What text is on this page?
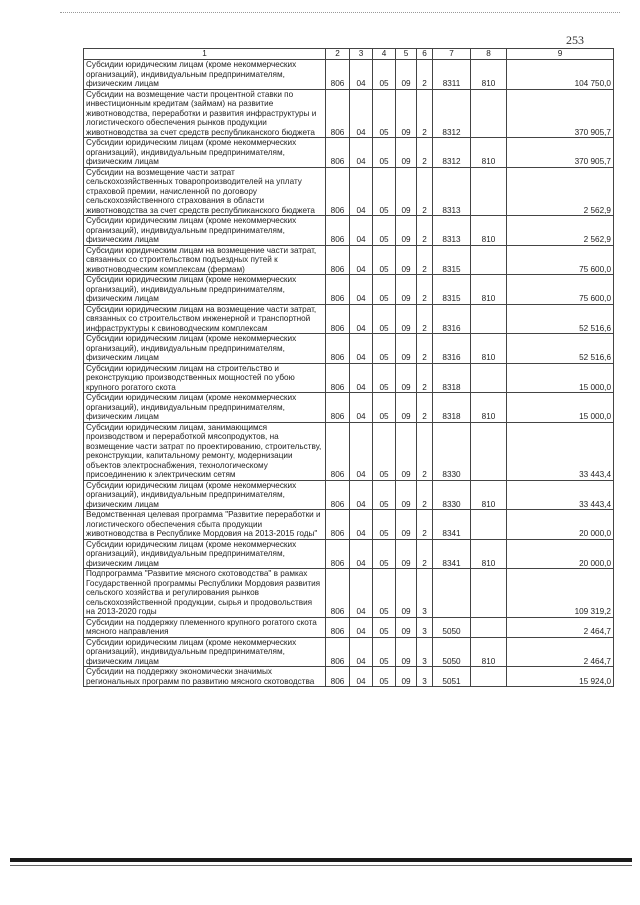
253
1	2	3	4	5	6	7	8	9
Субсидии юридическим лицам (кроме некоммерческих организаций), индивидуальным предпринимателям, физическим лицам	806	04	05	09	2	8311	810	104 750,0
Субсидии на возмещение части процентной ставки по инвестиционным кредитам (займам) на развитие животноводства, переработки и развития инфраструктуры и логистического обеспечения рынков продукции животноводства за счет средств республиканского бюджета	806	04	05	09	2	8312		370 905,7
Субсидии юридическим лицам (кроме некоммерческих организаций), индивидуальным предпринимателям, физическим лицам	806	04	05	09	2	8312	810	370 905,7
Субсидии на возмещение части затрат сельскохозяйственных товаропроизводителей на уплату страховой премии, начисленной по договору сельскохозяйственного страхования в области животноводства за счет средств республиканского бюджета	806	04	05	09	2	8313		2 562,9
Субсидии юридическим лицам (кроме некоммерческих организаций), индивидуальным предпринимателям, физическим лицам	806	04	05	09	2	8313	810	2 562,9
Субсидии юридическим лицам на возмещение части затрат, связанных со строительством подъездных путей к животноводческим комплексам (фермам)	806	04	05	09	2	8315		75 600,0
Субсидии юридическим лицам (кроме некоммерческих организаций), индивидуальным предпринимателям, физическим лицам	806	04	05	09	2	8315	810	75 600,0
Субсидии юридическим лицам на возмещение части затрат, связанных со строительством инженерной и транспортной инфраструктуры к свиноводческим комплексам	806	04	05	09	2	8316		52 516,6
Субсидии юридическим лицам (кроме некоммерческих организаций), индивидуальным предпринимателям, физическим лицам	806	04	05	09	2	8316	810	52 516,6
Субсидии юридическим лицам на строительство и реконструкцию производственных мощностей по убою крупного рогатого скота	806	04	05	09	2	8318		15 000,0
Субсидии юридическим лицам (кроме некоммерческих организаций), индивидуальным предпринимателям, физическим лицам	806	04	05	09	2	8318	810	15 000,0
Субсидии юридическим лицам, занимающимся производством и переработкой мясопродуктов, на возмещение части затрат по проектированию, строительству, реконструкции, капитальному ремонту, модернизации объектов электроснабжения, технологическому присоединению к электрическим сетям	806	04	05	09	2	8330		33 443,4
Субсидии юридическим лицам (кроме некоммерческих организаций), индивидуальным предпринимателям, физическим лицам	806	04	05	09	2	8330	810	33 443,4
Ведомственная целевая программа "Развитие переработки и логистического обеспечения сбыта продукции животноводства в Республике Мордовия на 2013-2015 годы"	806	04	05	09	2	8341		20 000,0
Субсидии юридическим лицам (кроме некоммерческих организаций), индивидуальным предпринимателям, физическим лицам	806	04	05	09	2	8341	810	20 000,0
Подпрограмма "Развитие мясного скотоводства" в рамках Государственной программы Республики Мордовия развития сельского хозяйства и регулирования рынков сельскохозяйственной продукции, сырья и продовольствия на 2013-2020 годы	806	04	05	09	3			109 319,2
Субсидии на поддержку племенного крупного рогатого скота мясного направления	806	04	05	09	3	5050		2 464,7
Субсидии юридическим лицам (кроме некоммерческих организаций), индивидуальным предпринимателям, физическим лицам	806	04	05	09	3	5050	810	2 464,7
Субсидии на поддержку экономически значимых региональных программ по развитию мясного скотоводства	806	04	05	09	3	5051		15 924,0
